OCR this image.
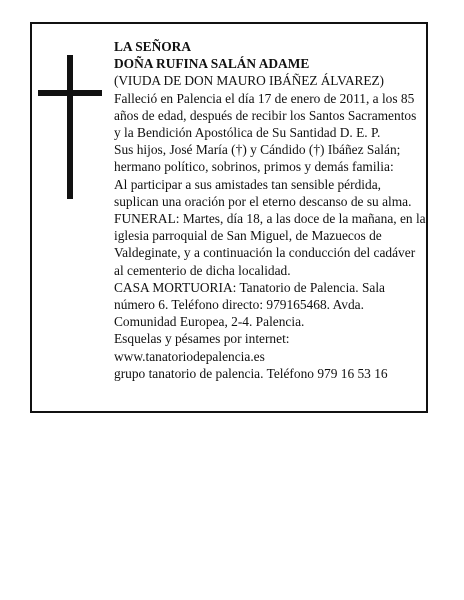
LA SEÑORA

DOÑA RUFINA SALÁN ADAME

(VIUDA DE DON MAURO IBÁÑEZ ÁLVAREZ)

Falleció en Palencia el día 17 de enero de 2011, a los 85 años de edad, después de recibir los Santos Sacramentos y la Bendición Apostólica de Su Santidad D. E. P.

Sus hijos, José María (†) y Cándido (†) Ibáñez Salán; hermano político, sobrinos, primos y demás familia:

Al participar a sus amistades tan sensible pérdida, suplican una oración por el eterno descanso de su alma.

FUNERAL: Martes, día 18, a las doce de la mañana, en la iglesia parroquial de San Miguel, de Mazuecos de Valdeginate, y a continuación la conducción del cadáver al cementerio de dicha localidad.

CASA MORTUORIA: Tanatorio de Palencia. Sala número 6. Teléfono directo: 979165468. Avda. Comunidad Europea, 2-4. Palencia.

Esquelas y pésames por internet:

www.tanatoriodepalencia.es

grupo tanatorio de palencia. Teléfono 979 16 53 16
